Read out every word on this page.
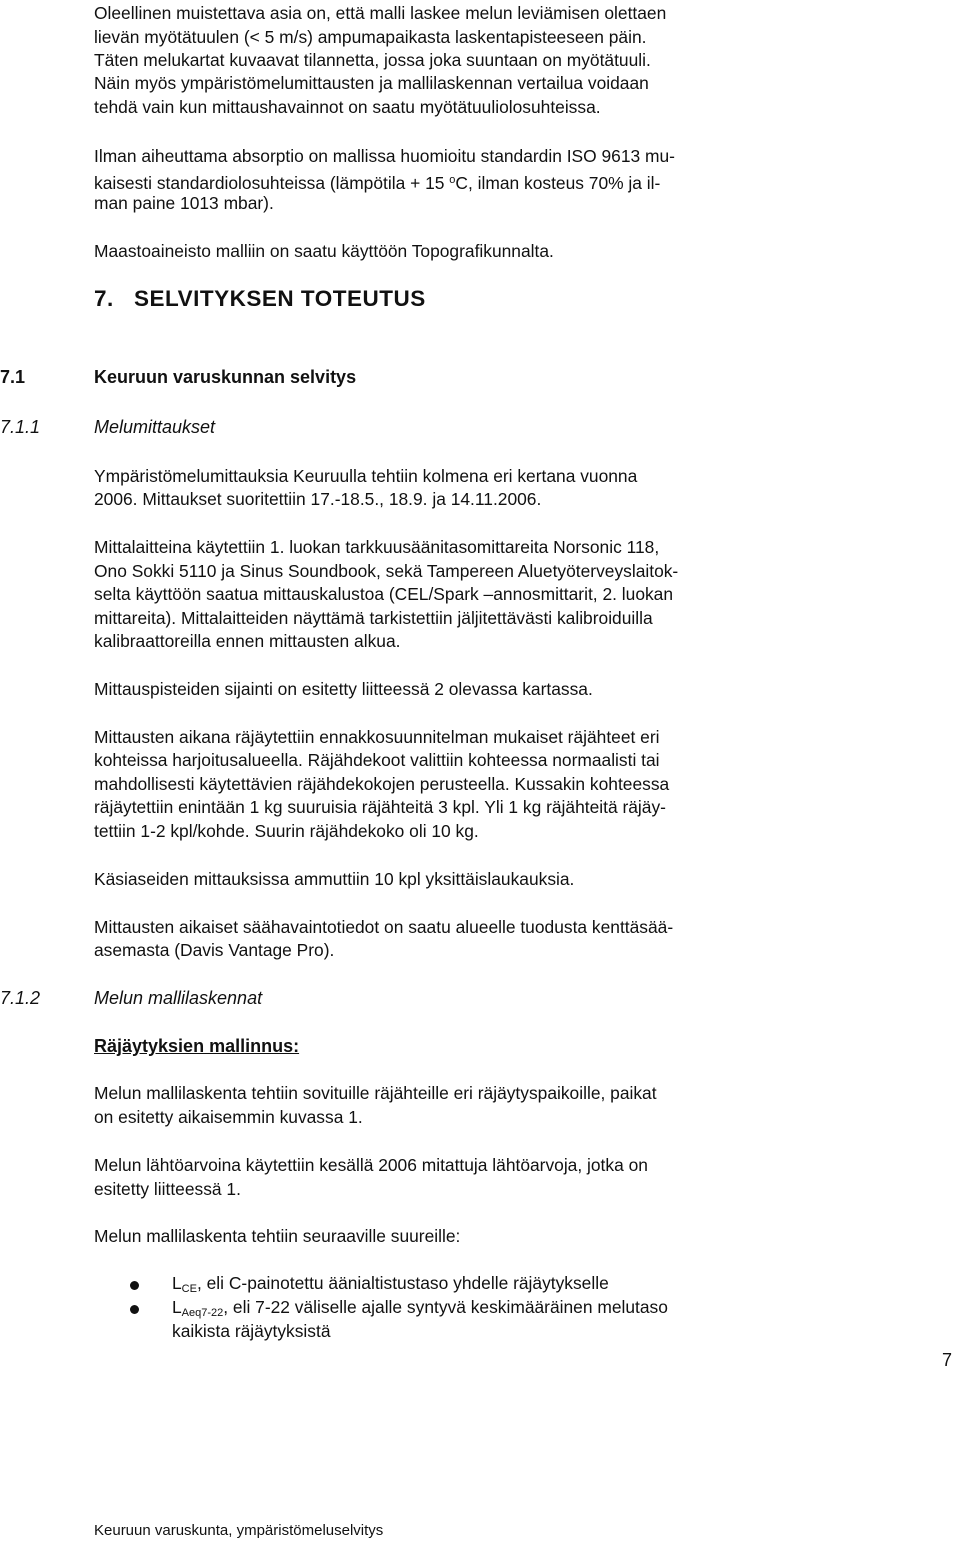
Oleellinen muistettava asia on, että malli laskee melun leviämisen olettaen

lievän myötätuulen (< 5 m/s) ampumapaikasta laskentapisteeseen päin.

Täten melukartat kuvaavat tilannetta, jossa joka suuntaan on myötätuuli.

Näin myös ympäristömelumittausten ja mallilaskennan vertailua voidaan

tehdä vain kun mittaushavainnot on saatu myötätuuliolosuhteissa.

Ilman aiheuttama absorptio on mallissa huomioitu standardin ISO 9613 mu-

kaisesti standardiolosuhteissa (lämpötila + 15 $^o$C, ilman kosteus 70% ja il-

man paine 1013 mbar).

Maastoaineisto malliin on saatu käyttöön Topografikunnalta.

7. SELVITYKSEN TOTEUTUS
7.1	Keuruun varuskunnan selvitys
7.1.1	Melumittaukset

Ympäristömelumittauksia Keuruulla tehtiin kolmena eri kertana vuonna

2006. Mittaukset suoritettiin 17.-18.5., 18.9. ja 14.11.2006.

Mittalaitteina käytettiin 1. luokan tarkkuusäänitasomittareita Norsonic 118,

Ono Sokki 5110 ja Sinus Soundbook, sekä Tampereen Aluetyöterveyslaitok-

selta käyttöön saatua mittauskalustoa (CEL/Spark –annosmittarit, 2. luokan

mittareita). Mittalaitteiden näyttämä tarkistettiin jäljitettävästi kalibroiduilla

kalibraattoreilla ennen mittausten alkua.

Mittauspisteiden sijainti on esitetty liitteessä 2 olevassa kartassa.

Mittausten aikana räjäytettiin ennakkosuunnitelman mukaiset räjähteet eri

kohteissa harjoitusalueella. Räjähdekoot valittiin kohteessa normaalisti tai

mahdollisesti käytettävien räjähdekokojen perusteella. Kussakin kohteessa

räjäytettiin enintään 1 kg suuruisia räjähteitä 3 kpl. Yli 1 kg räjähteitä räjäy-

tettiin 1-2 kpl/kohde. Suurin räjähdekoko oli 10 kg.

Käsiaseiden mittauksissa ammuttiin 10 kpl yksittäislaukauksia.

Mittausten aikaiset säähavaintotiedot on saatu alueelle tuodusta kenttäsää-

asemasta (Davis Vantage Pro).

7.1.2	Melun mallilaskennat
Räjäytyksien mallinnus:

Melun mallilaskenta tehtiin sovituille räjähteille eri räjäytyspaikoille, paikat

on esitetty aikaisemmin kuvassa 1.

Melun lähtöarvoina käytettiin kesällä 2006 mitattuja lähtöarvoja, jotka on

esitetty liitteessä 1.

Melun mallilaskenta tehtiin seuraaville suureille:

$L_{CE}$, eli C-painotettu äänialtistustaso yhdelle räjäytykselle

$L_{Aeq7-22}$, eli 7-22 väliselle ajalle syntyvä keskimääräinen melutaso

kaikista räjäytyksistä

7
Keuruun varuskunta, ympäristömeluselvitys
